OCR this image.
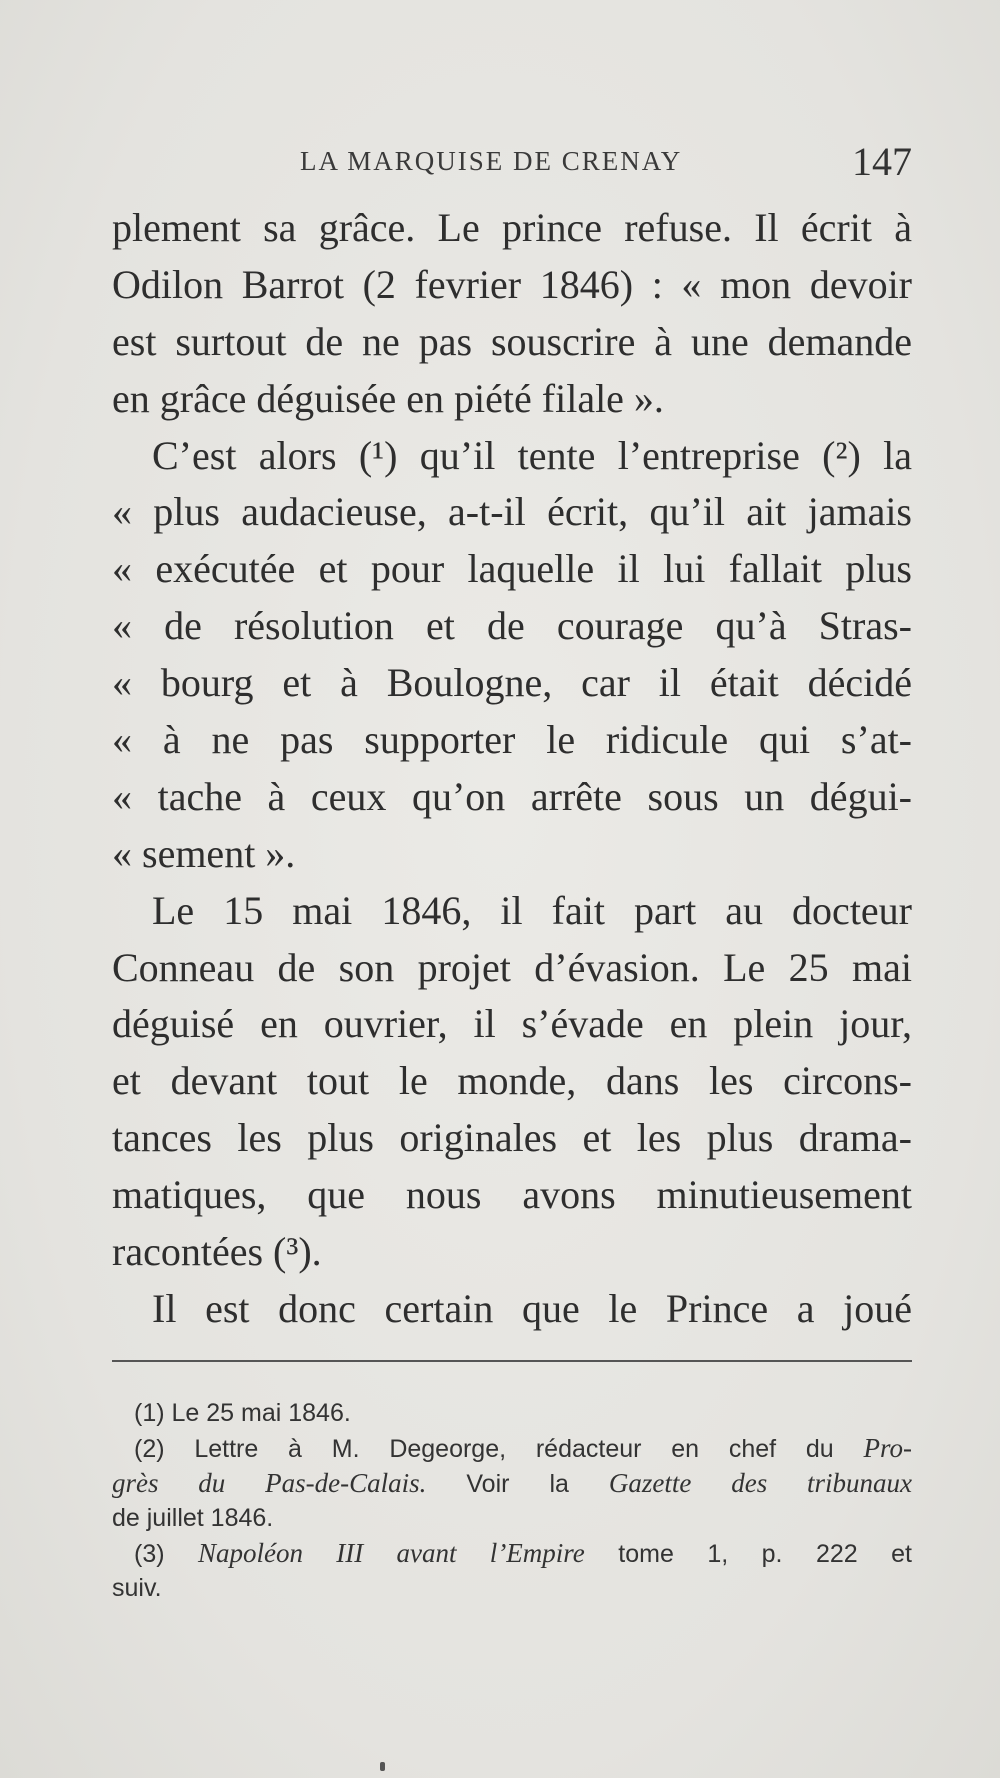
LA MARQUISE DE CRENAY	147
plement sa grâce. Le prince refuse. Il écrit à
Odilon Barrot (2 fevrier 1846) : « mon devoir
est surtout de ne pas souscrire à une demande
en grâce déguisée en piété filale ».
C’est alors (¹) qu’il tente l’entreprise (²) la
« plus audacieuse, a-t-il écrit, qu’il ait jamais
« exécutée et pour laquelle il lui fallait plus
« de résolution et de courage qu’à Stras-
« bourg et à Boulogne, car il était décidé
« à ne pas supporter le ridicule qui s’at-
« tache à ceux qu’on arrête sous un dégui-
« sement ».
Le 15 mai 1846, il fait part au docteur
Conneau de son projet d’évasion. Le 25 mai
déguisé en ouvrier, il s’évade en plein jour,
et devant tout le monde, dans les circons-
tances les plus originales et les plus drama-
matiques, que nous avons minutieusement
racontées (³).
Il est donc certain que le Prince a joué
(1) Le 25 mai 1846.
(2) Lettre à M. Degeorge, rédacteur en chef du Pro-
grès du Pas-de-Calais. Voir la Gazette des tribunaux
de juillet 1846.
(3) Napoléon III avant l’Empire tome 1, p. 222 et
suiv.
